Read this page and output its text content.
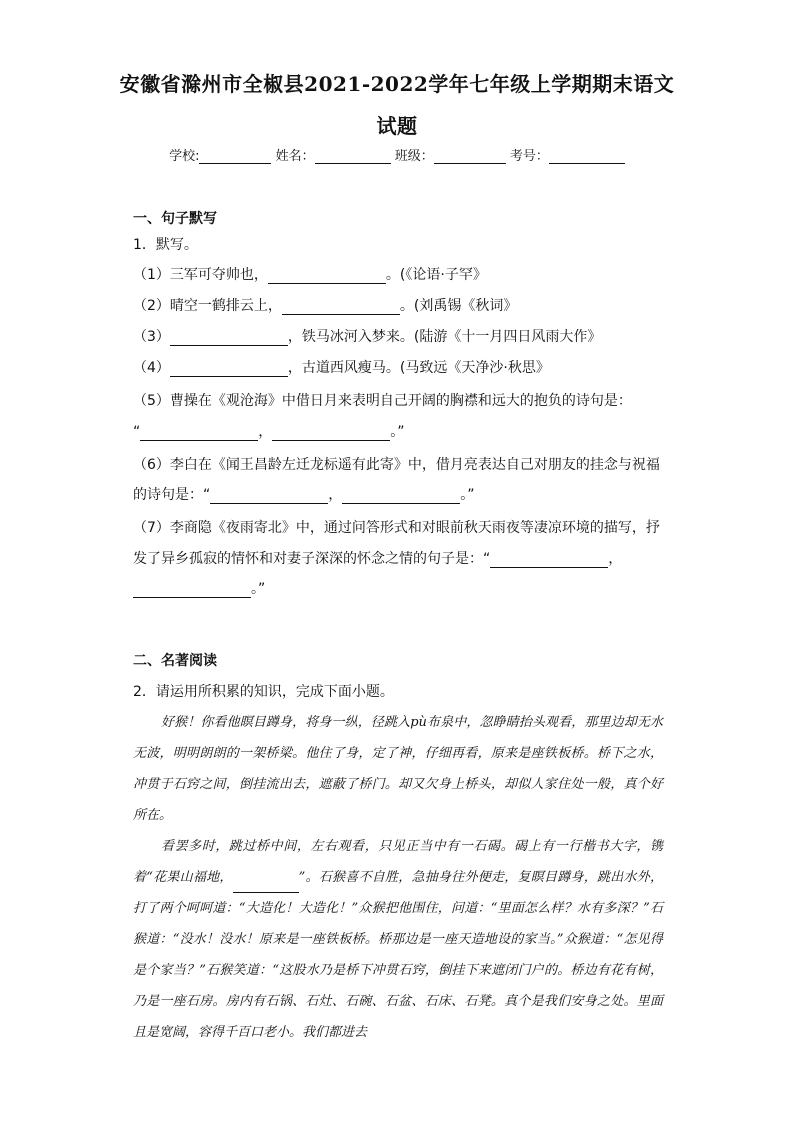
安徽省滁州市全椒县2021-2022学年七年级上学期期末语文
试题
学校:	姓名：	班级：	考号：
一、句子默写
1．默写。
（1）三军可夺帅也，	。(《论语·子罕》
（2）晴空一鹤排云上，	。(刘禹锡《秋词》
（3）	，铁马冰河入梦来。(陆游《十一月四日风雨大作》
（4）	，古道西风瘦马。(马致远《天净沙·秋思》
（5）曹操在《观沧海》中借日月来表明自己开阔的胸襟和远大的抱负的诗句是：
“	，	。”
（6）李白在《闻王昌龄左迁龙标遥有此寄》中，借月亮表达自己对朋友的挂念与祝福
的诗句是：“	，	。”
（7）李商隐《夜雨寄北》中，通过问答形式和对眼前秋天雨夜等凄凉环境的描写，抒
发了异乡孤寂的情怀和对妻子深深的怀念之情的句子是：“	，
。”
二、名著阅读
2．请运用所积累的知识，完成下面小题。

好猴！你看他瞑目蹲身，将身一纵，径跳入pù布泉中，忽睁睛抬头观看，那里边却无水无波，明明朗朗的一架桥梁。他住了身，定了神，仔细再看，原来是座铁板桥。桥下之水，冲贯于石窍之间，倒挂流出去，遮蔽了桥门。却又欠身上桥头，却似人家住处一般，真个好所在。

看罢多时，跳过桥中间，左右观看，只见正当中有一石碣。碣上有一行楷书大字，镌着“花果山福地，	”。石猴喜不自胜，急抽身往外便走，复瞑目蹲身，跳出水外，打了两个呵呵道：“大造化！大造化！”众猴把他围住，问道：“里面怎么样？水有多深？”石猴道：“没水！没水！原来是一座铁板桥。桥那边是一座天造地设的家当。”众猴道：“怎见得是个家当？”石猴笑道：“这股水乃是桥下冲贯石窍，倒挂下来遮闭门户的。桥边有花有树，乃是一座石房。房内有石锅、石灶、石碗、石盆、石床、石凳。真个是我们安身之处。里面且是宽阔，容得千百口老小。我们都进去
